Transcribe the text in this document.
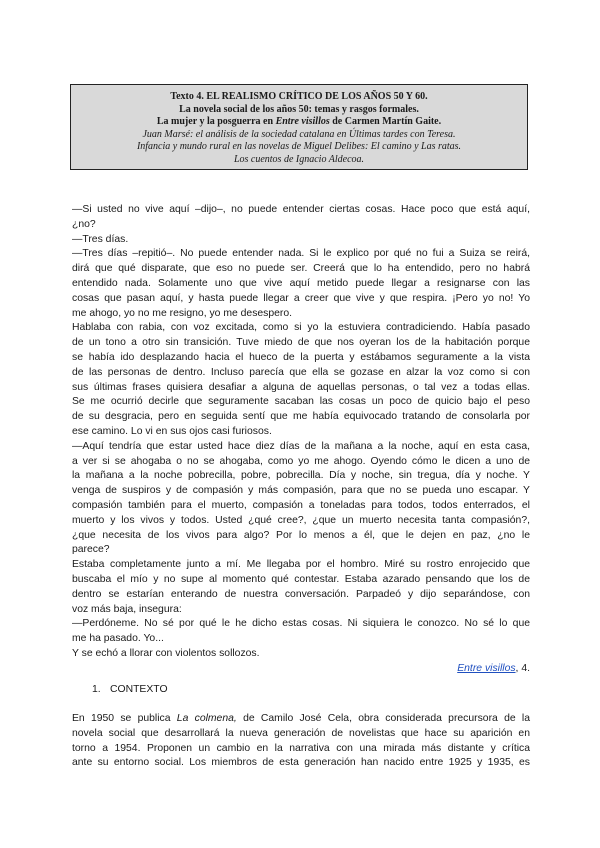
Texto 4. EL REALISMO CRÍTICO DE LOS AÑOS 50 Y 60.
La novela social de los años 50: temas y rasgos formales.
La mujer y la posguerra en Entre visillos de Carmen Martín Gaite.
Juan Marsé: el análisis de la sociedad catalana en Últimas tardes con Teresa.
Infancia y mundo rural en las novelas de Miguel Delibes: El camino y Las ratas.
Los cuentos de Ignacio Aldecoa.
—Si usted no vive aquí –dijo–, no puede entender ciertas cosas. Hace poco que está aquí,
¿no?
—Tres días.
—Tres días –repitió–. No puede entender nada. Si le explico por qué no fui a Suiza se reirá,
dirá que qué disparate, que eso no puede ser. Creerá que lo ha entendido, pero no habrá
entendido nada. Solamente uno que vive aquí metido puede llegar a resignarse con las
cosas que pasan aquí, y hasta puede llegar a creer que vive y que respira. ¡Pero yo no! Yo
me ahogo, yo no me resigno, yo me desespero.
Hablaba con rabia, con voz excitada, como si yo la estuviera contradiciendo. Había pasado
de un tono a otro sin transición. Tuve miedo de que nos oyeran los de la habitación porque
se había ido desplazando hacia el hueco de la puerta y estábamos seguramente a la vista
de las personas de dentro. Incluso parecía que ella se gozase en alzar la voz como si con
sus últimas frases quisiera desafiar a alguna de aquellas personas, o tal vez a todas ellas.
Se me ocurrió decirle que seguramente sacaban las cosas un poco de quicio bajo el peso
de su desgracia, pero en seguida sentí que me había equivocado tratando de consolarla por
ese camino. Lo vi en sus ojos casi furiosos.
—Aquí tendría que estar usted hace diez días de la mañana a la noche, aquí en esta casa,
a ver si se ahogaba o no se ahogaba, como yo me ahogo. Oyendo cómo le dicen a uno de
la mañana a la noche pobrecilla, pobre, pobrecilla. Día y noche, sin tregua, día y noche. Y
venga de suspiros y de compasión y más compasión, para que no se pueda uno escapar. Y
compasión también para el muerto, compasión a toneladas para todos, todos enterrados, el
muerto y los vivos y todos. Usted ¿qué cree?, ¿que un muerto necesita tanta compasión?,
¿que necesita de los vivos para algo? Por lo menos a él, que le dejen en paz, ¿no le
parece?
Estaba completamente junto a mí. Me llegaba por el hombro. Miré su rostro enrojecido que
buscaba el mío y no supe al momento qué contestar. Estaba azarado pensando que los de
dentro se estarían enterando de nuestra conversación. Parpadeó y dijo separándose, con
voz más baja, insegura:
—Perdóneme. No sé por qué le he dicho estas cosas. Ni siquiera le conozco. No sé lo que
me ha pasado. Yo...
Y se echó a llorar con violentos sollozos.
Entre visillos, 4.
1. CONTEXTO
En 1950 se publica La colmena, de Camilo José Cela, obra considerada precursora de la
novela social que desarrollará la nueva generación de novelistas que hace su aparición en
torno a 1954. Proponen un cambio en la narrativa con una mirada más distante y crítica
ante su entorno social. Los miembros de esta generación han nacido entre 1925 y 1935, es
